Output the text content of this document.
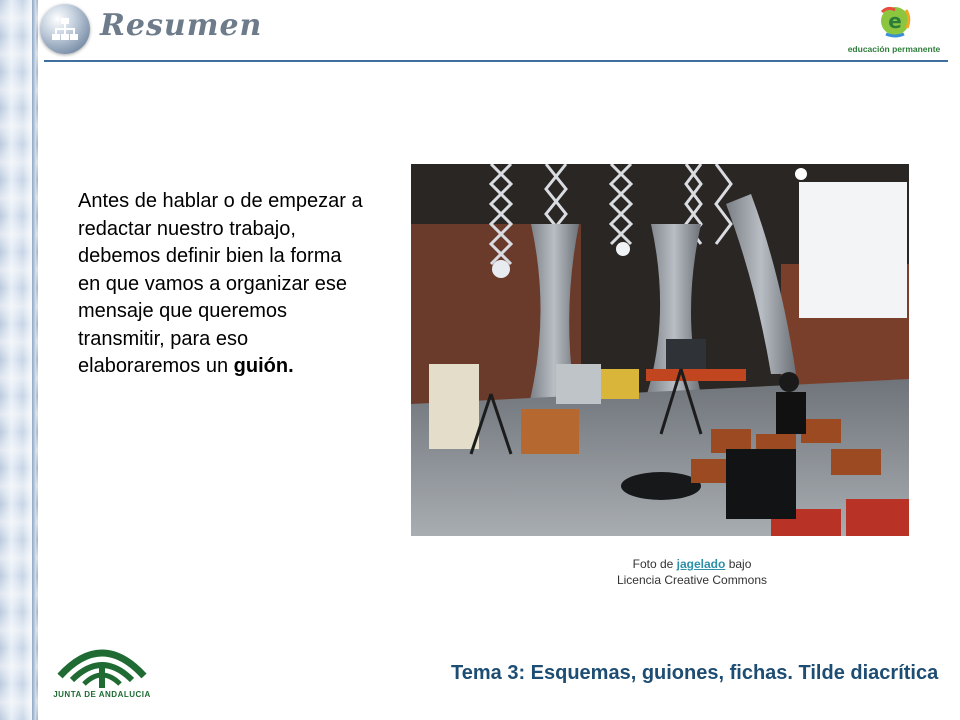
Resumen	e
educación permanente

Antes de hablar o de empezar a redactar nuestro trabajo, debemos definir bien la forma en que vamos a organizar ese mensaje que queremos transmitir, para eso elaboraremos un guión.

Foto de jagelado bajo
Licencia Creative Commons

JUNTA DE ANDALUCIA

Tema 3: Esquemas, guiones, fichas. Tilde diacrítica
